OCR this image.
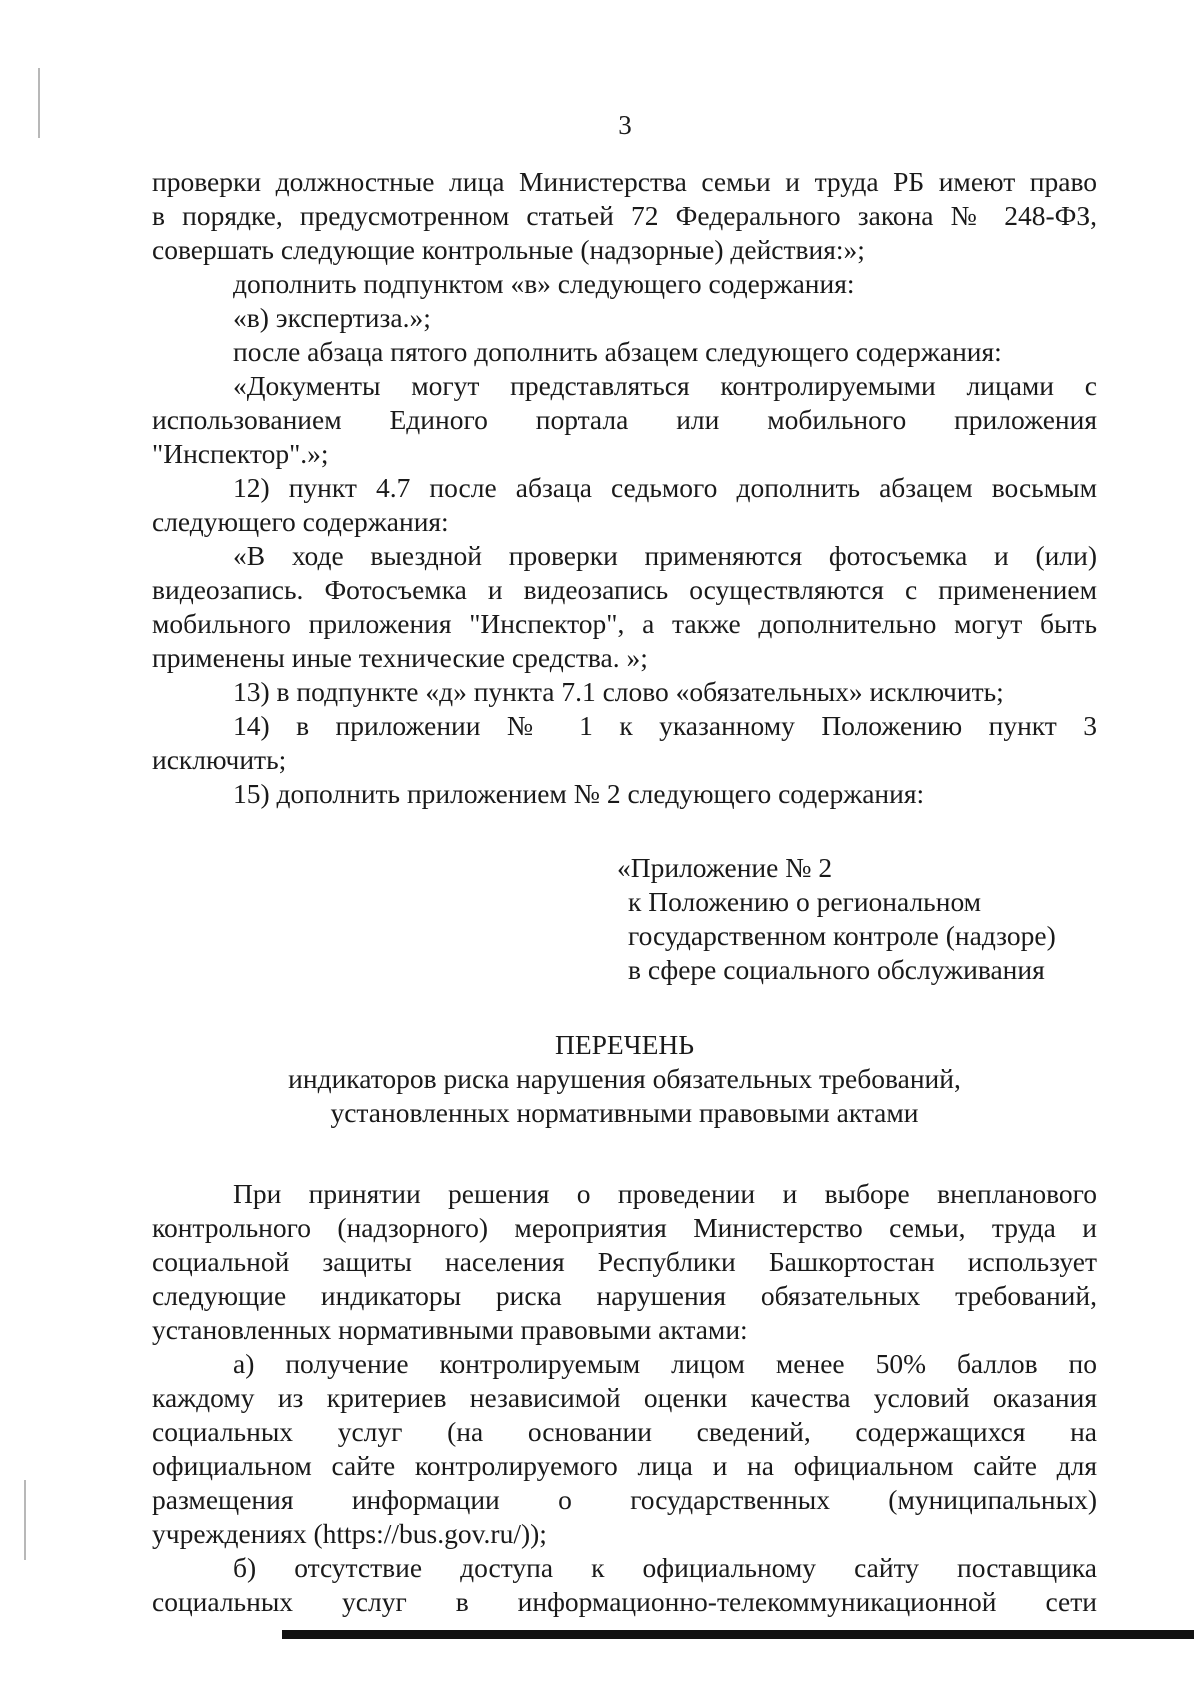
3
проверки должностные лица Министерства семьи и труда РБ имеют право
в порядке, предусмотренном статьей 72 Федерального закона № 248-ФЗ,
совершать следующие контрольные (надзорные) действия:»;
дополнить подпунктом «в» следующего содержания:
«в) экспертиза.»;
после абзаца пятого дополнить абзацем следующего содержания:
«Документы могут представляться контролируемыми лицами с
использованием Единого портала или мобильного приложения
"Инспектор".»;
12) пункт 4.7 после абзаца седьмого дополнить абзацем восьмым
следующего содержания:
«В ходе выездной проверки применяются фотосъемка и (или)
видеозапись. Фотосъемка и видеозапись осуществляются с применением
мобильного приложения "Инспектор", а также дополнительно могут быть
применены иные технические средства. »;
13) в подпункте «д» пункта 7.1 слово «обязательных» исключить;
14) в приложении № 1 к указанному Положению пункт 3
исключить;
15) дополнить приложением № 2 следующего содержания:
«Приложение № 2
к Положению о региональном
государственном контроле (надзоре)
в сфере социального обслуживания
ПЕРЕЧЕНЬ
индикаторов риска нарушения обязательных требований,
установленных нормативными правовыми актами
При принятии решения о проведении и выборе внепланового
контрольного (надзорного) мероприятия Министерство семьи, труда и
социальной защиты населения Республики Башкортостан использует
следующие индикаторы риска нарушения обязательных требований,
установленных нормативными правовыми актами:
а) получение контролируемым лицом менее 50% баллов по
каждому из критериев независимой оценки качества условий оказания
социальных услуг (на основании сведений, содержащихся на
официальном сайте контролируемого лица и на официальном сайте для
размещения информации о государственных (муниципальных)
учреждениях (https://bus.gov.ru/));
б) отсутствие доступа к официальному сайту поставщика
социальных услуг в информационно-телекоммуникационной сети
